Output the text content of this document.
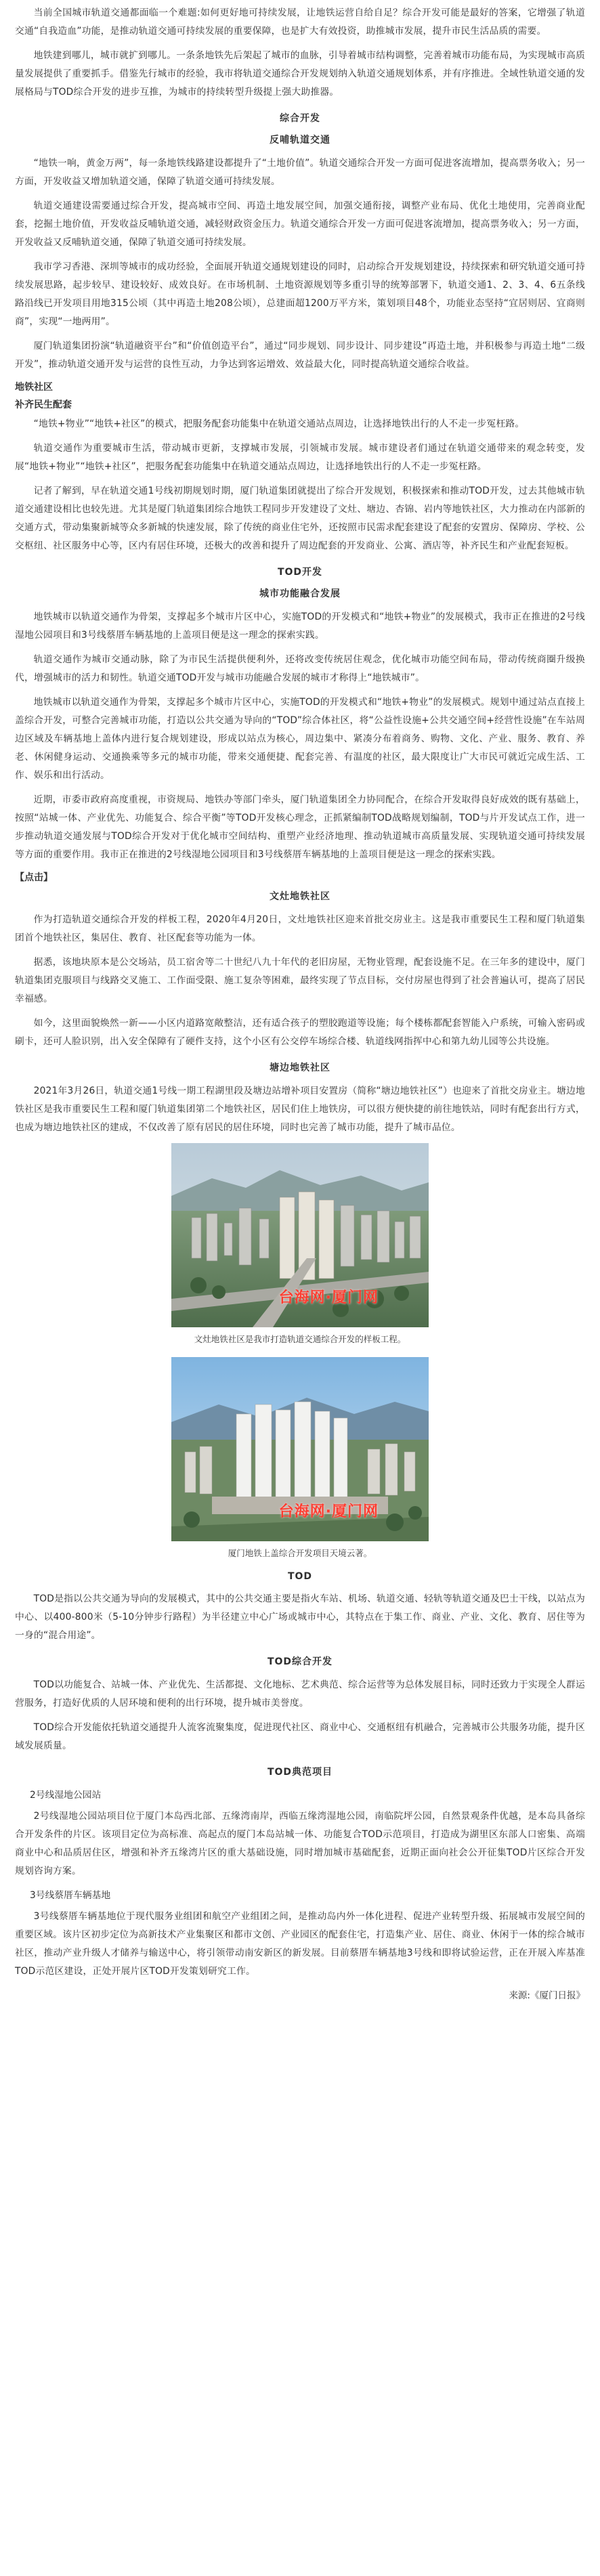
当前全国城市轨道交通都面临一个难题:如何更好地可持续发展，让地铁运营自给自足？综合开发可能是最好的答案，它增强了轨道交通“自我造血”功能，是推动轨道交通可持续发展的重要保障，也是扩大有效投资，助推城市发展，提升市民生活品质的需要。

地铁建到哪儿，城市就扩到哪儿。一条条地铁先后架起了城市的血脉，引导着城市结构调整，完善着城市功能布局，为实现城市高质量发展提供了重要抓手。借鉴先行城市的经验，我市将轨道交通综合开发规划纳入轨道交通规划体系，并有序推进。全域性轨道交通的发展格局与TOD综合开发的进步互推，为城市的持续转型升级提上强大助推器。

综合开发
反哺轨道交通

“地铁一响，黄金万两”，每一条地铁线路建设都提升了“土地价值”。轨道交通综合开发一方面可促进客流增加，提高票务收入；另一方面，开发收益又增加轨道交通，保障了轨道交通可持续发展。

轨道交通建设需要通过综合开发，提高城市空间、再造土地发展空间，加强交通衔接，调整产业布局、优化土地使用，完善商业配套，挖掘土地价值，开发收益反哺轨道交通，减轻财政资金压力。轨道交通综合开发一方面可促进客流增加，提高票务收入；另一方面，开发收益又反哺轨道交通，保障了轨道交通可持续发展。

我市学习香港、深圳等城市的成功经验，全面展开轨道交通规划建设的同时，启动综合开发规划建设，持续探索和研究轨道交通可持续发展思路，起步较早、建设较好、成效良好。在市场机制、土地资源规划等多重引导的统筹部署下，轨道交通1、2、3、4、6五条线路沿线已开发项目用地315公顷（其中再造土地208公顷），总建面超1200万平方米，策划项目48个，功能业态坚持“宜居则居、宜商则商”，实现“一地两用”。

厦门轨道集团扮演“轨道融资平台”和“价值创造平台”，通过“同步规划、同步设计、同步建设”再造土地，并积极参与再造土地“二级开发”，推动轨道交通开发与运营的良性互动，力争达到客运增效、效益最大化，同时提高轨道交通综合收益。

地铁社区
补齐民生配套

“地铁+物业”“地铁+社区”的模式，把服务配套功能集中在轨道交通站点周边，让选择地铁出行的人不走一步冤枉路。

轨道交通作为重要城市生活，带动城市更新，支撑城市发展，引领城市发展。城市建设者们通过在轨道交通带来的观念转变，发展“地铁+物业”“地铁+社区”，把服务配套功能集中在轨道交通站点周边，让选择地铁出行的人不走一步冤枉路。

记者了解到，早在轨道交通1号线初期规划时期，厦门轨道集团就提出了综合开发规划，积极探索和推动TOD开发，过去其他城市轨道交通建设相比也较先进。尤其是厦门轨道集团综合地铁工程同步开发建设了文灶、塘边、杏锦、岩内等地铁社区，大力推动在内部新的交通方式，带动集聚新城等众多新城的快速发展，除了传统的商业住宅外，还按照市民需求配套建设了配套的安置房、保障房、学校、公交枢纽、社区服务中心等，区内有居住环境，还极大的改善和提升了周边配套的开发商业、公寓、酒店等，补齐民生和产业配套短板。

TOD开发
城市功能融合发展

地铁城市以轨道交通作为骨架，支撑起多个城市片区中心，实施TOD的开发模式和“地铁+物业”的发展模式，我市正在推进的2号线湿地公园项目和3号线蔡厝车辆基地的上盖项目便是这一理念的探索实践。

轨道交通作为城市交通动脉，除了为市民生活提供便利外，还将改变传统居住观念，优化城市功能空间布局，带动传统商圈升级换代，增强城市的活力和韧性。轨道交通TOD开发与城市功能融合发展的城市才称得上“地铁城市”。

地铁城市以轨道交通作为骨架，支撑起多个城市片区中心，实施TOD的开发模式和“地铁+物业”的发展模式。规划中通过站点直接上盖综合开发，可整合完善城市功能，打造以公共交通为导向的“TOD”综合体社区，将“公益性设施+公共交通空间+经营性设施”在车站周边区域及车辆基地上盖体内进行复合规划建设，形成以站点为核心，周边集中、紧凑分布着商务、购物、文化、产业、服务、教育、养老、休闲健身运动、交通换乘等多元的城市功能，带来交通便捷、配套完善、有温度的社区，最大限度让广大市民可就近完成生活、工作、娱乐和出行活动。

近期，市委市政府高度重视，市资规局、地铁办等部门牵头，厦门轨道集团全力协同配合，在综合开发取得良好成效的既有基础上，按照“站城一体、产业优先、功能复合、综合平衡”等TOD开发核心理念，正抓紧编制TOD战略规划编制，TOD与片开发试点工作，进一步推动轨道交通发展与TOD综合开发对于优化城市空间结构、重塑产业经济地理、推动轨道城市高质量发展、实现轨道交通可持续发展等方面的重要作用。我市正在推进的2号线湿地公园项目和3号线蔡厝车辆基地的上盖项目便是这一理念的探索实践。

【点击】
文灶地铁社区

作为打造轨道交通综合开发的样板工程，2020年4月20日，文灶地铁社区迎来首批交房业主。这是我市重要民生工程和厦门轨道集团首个地铁社区，集居住、教育、社区配套等功能为一体。

据悉，该地块原本是公交场站，员工宿舍等二十世纪八九十年代的老旧房屋，无物业管理，配套设施不足。在三年多的建设中，厦门轨道集团克服项目与线路交叉施工、工作面受限、施工复杂等困难，最终实现了节点目标，交付房屋也得到了社会普遍认可，提高了居民幸福感。

如今，这里面貌焕然一新——小区内道路宽敞整洁，还有适合孩子的塑胶跑道等设施；每个楼栋都配套智能入户系统，可输入密码或刷卡，还可人脸识别，出入安全保障有了硬件支持，这个小区有公交停车场综合楼、轨道线网指挥中心和第九幼儿园等公共设施。

塘边地铁社区

2021年3月26日，轨道交通1号线一期工程湖里段及塘边站增补项目安置房（简称“塘边地铁社区”）也迎来了首批交房业主。塘边地铁社区是我市重要民生工程和厦门轨道集团第二个地铁社区，居民们住上地铁房，可以很方便快捷的前往地铁站，同时有配套出行方式，也成为塘边地铁社区的建成，不仅改善了原有居民的居住环境，同时也完善了城市功能，提升了城市品位。

台海网·厦门网
文灶地铁社区是我市打造轨道交通综合开发的样板工程。
台海网·厦门网
厦门地铁上盖综合开发项目天境云著。
TOD

TOD是指以公共交通为导向的发展模式，其中的公共交通主要是指火车站、机场、轨道交通、轻轨等轨道交通及巴士干线，以站点为中心、以400-800米（5-10分钟步行路程）为半径建立中心广场或城市中心，其特点在于集工作、商业、产业、文化、教育、居住等为一身的“混合用途”。

TOD综合开发

TOD以功能复合、站城一体、产业优先、生活都提、文化地标、艺术典范、综合运营等为总体发展目标，同时还致力于实现全人群运营服务，打造好优质的人居环境和便利的出行环境，提升城市美誉度。

TOD综合开发能依托轨道交通提升人流客流聚集度，促进现代社区、商业中心、交通枢纽有机融合，完善城市公共服务功能，提升区域发展质量。

TOD典范项目
2号线湿地公园站

2号线湿地公园站项目位于厦门本岛西北部、五缘湾南岸，西临五缘湾湿地公园，南临院坪公园，自然景观条件优越，是本岛具备综合开发条件的片区。该项目定位为高标准、高起点的厦门本岛站城一体、功能复合TOD示范项目，打造成为湖里区东部人口密集、高端商业中心和品质居住区，增强和补齐五缘湾片区的重大基础设施，同时增加城市基础配套，近期正面向社会公开征集TOD片区综合开发规划咨询方案。

3号线蔡厝车辆基地

3号线蔡厝车辆基地位于现代服务业组团和航空产业组团之间，是推动岛内外一体化进程、促进产业转型升级、拓展城市发展空间的重要区域。该片区初步定位为高新技术产业集聚区和都市文创、产业园区的配套住宅，打造集产业、居住、商业、休闲于一体的综合城市社区，推动产业升级人才储养与输送中心，将引领带动南安新区的新发展。目前蔡厝车辆基地3号线和即将试验运营，正在开展入库基准TOD示范区建设，正处开展片区TOD开发策划研究工作。

来源:《厦门日报》
